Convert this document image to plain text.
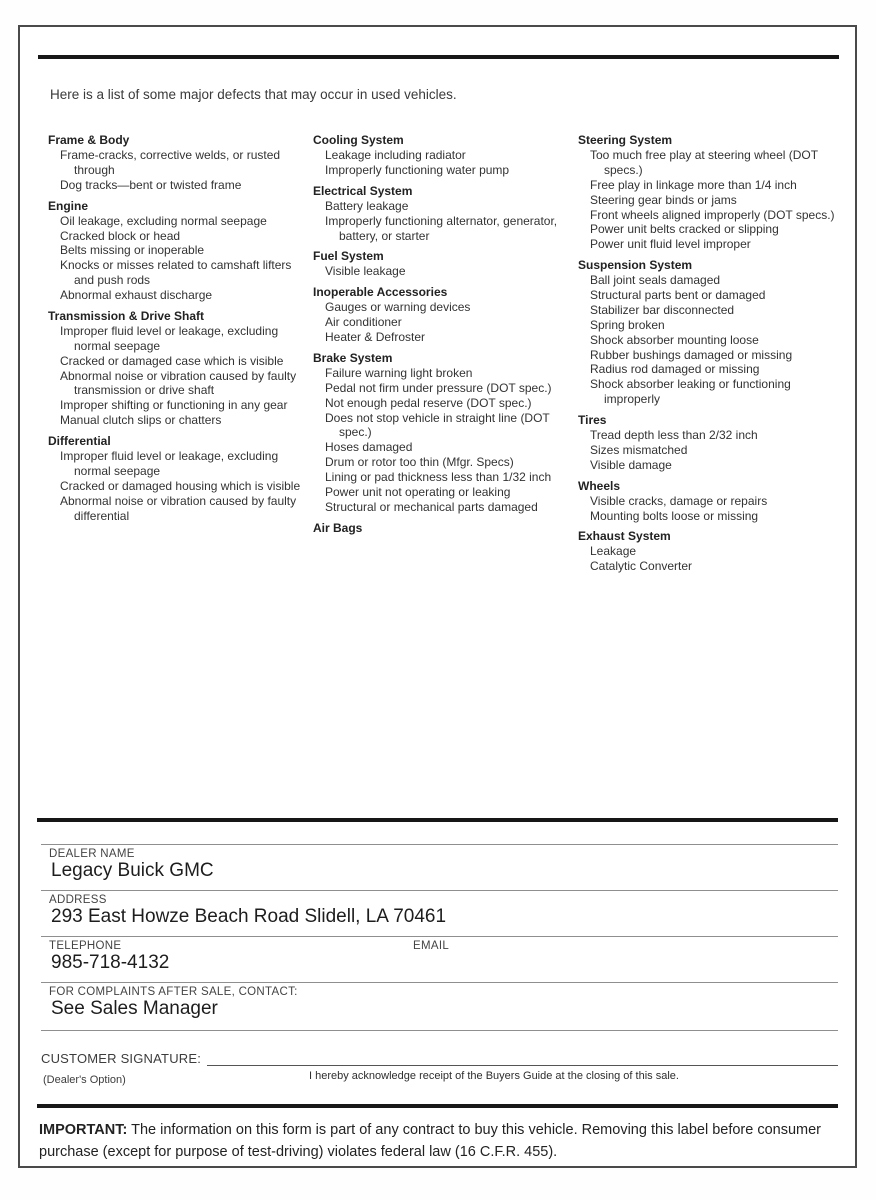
Here is a list of some major defects that may occur in used vehicles.
Frame & Body
Frame-cracks, corrective welds, or rusted through
Dog tracks—bent or twisted frame
Engine
Oil leakage, excluding normal seepage
Cracked block or head
Belts missing or inoperable
Knocks or misses related to camshaft lifters and push rods
Abnormal exhaust discharge
Transmission & Drive Shaft
Improper fluid level or leakage, excluding normal seepage
Cracked or damaged case which is visible
Abnormal noise or vibration caused by faulty transmission or drive shaft
Improper shifting or functioning in any gear
Manual clutch slips or chatters
Differential
Improper fluid level or leakage, excluding normal seepage
Cracked or damaged housing which is visible
Abnormal noise or vibration caused by faulty differential
Cooling System
Leakage including radiator
Improperly functioning water pump
Electrical System
Battery leakage
Improperly functioning alternator, generator, battery, or starter
Fuel System
Visible leakage
Inoperable Accessories
Gauges or warning devices
Air conditioner
Heater & Defroster
Brake System
Failure warning light broken
Pedal not firm under pressure (DOT spec.)
Not enough pedal reserve (DOT spec.)
Does not stop vehicle in straight line (DOT spec.)
Hoses damaged
Drum or rotor too thin (Mfgr. Specs)
Lining or pad thickness less than 1/32 inch
Power unit not operating or leaking
Structural or mechanical parts damaged
Air Bags
Steering System
Too much free play at steering wheel (DOT specs.)
Free play in linkage more than 1/4 inch
Steering gear binds or jams
Front wheels aligned improperly (DOT specs.)
Power unit belts cracked or slipping
Power unit fluid level improper
Suspension System
Ball joint seals damaged
Structural parts bent or damaged
Stabilizer bar disconnected
Spring broken
Shock absorber mounting loose
Rubber bushings damaged or missing
Radius rod damaged or missing
Shock absorber leaking or functioning improperly
Tires
Tread depth less than 2/32 inch
Sizes mismatched
Visible damage
Wheels
Visible cracks, damage or repairs
Mounting bolts loose or missing
Exhaust System
Leakage
Catalytic Converter
DEALER NAME
Legacy Buick GMC
ADDRESS
293 East Howze Beach Road Slidell, LA 70461
TELEPHONE	EMAIL
985-718-4132
FOR COMPLAINTS AFTER SALE, CONTACT:
See Sales Manager
CUSTOMER SIGNATURE:
(Dealer's Option)	I hereby acknowledge receipt of the Buyers Guide at the closing of this sale.
IMPORTANT: The information on this form is part of any contract to buy this vehicle. Removing this label before consumer purchase (except for purpose of test-driving) violates federal law (16 C.F.R. 455).
